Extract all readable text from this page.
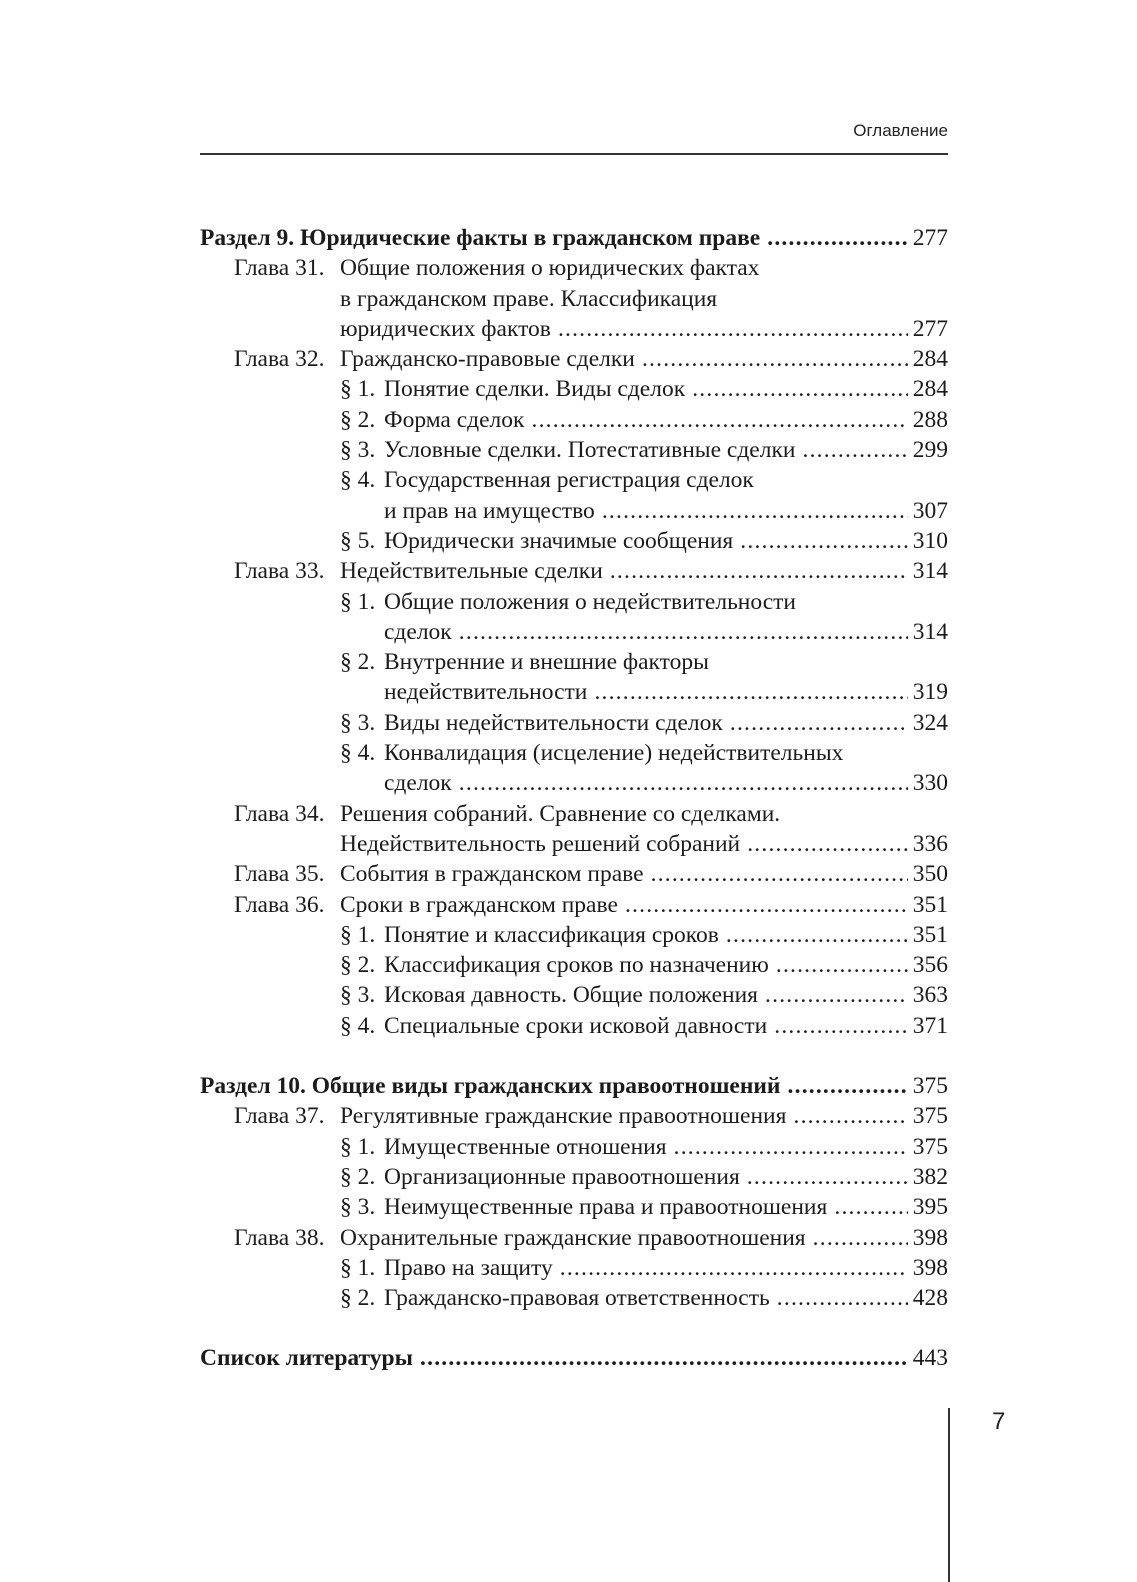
Оглавление
Раздел 9. Юридические факты в гражданском праве .....	277
Глава 31. Общие положения о юридических фактах
в гражданском праве. Классификация
юридических фактов .....	277
Глава 32. Гражданско-правовые сделки .....	284
§ 1. Понятие сделки. Виды сделок .....	284
§ 2. Форма сделок .....	288
§ 3. Условные сделки. Потестативные сделки .....	299
§ 4. Государственная регистрация сделок
и прав на имущество .....	307
§ 5. Юридически значимые сообщения .....	310
Глава 33. Недействительные сделки .....	314
§ 1. Общие положения о недействительности
сделок .....	314
§ 2. Внутренние и внешние факторы
недействительности .....	319
§ 3. Виды недействительности сделок .....	324
§ 4. Конвалидация (исцеление) недействительных
сделок .....	330
Глава 34. Решения собраний. Сравнение со сделками.
Недействительность решений собраний .....	336
Глава 35. События в гражданском праве .....	350
Глава 36. Сроки в гражданском праве .....	351
§ 1. Понятие и классификация сроков .....	351
§ 2. Классификация сроков по назначению .....	356
§ 3. Исковая давность. Общие положения .....	363
§ 4. Специальные сроки исковой давности .....	371
Раздел 10. Общие виды гражданских правоотношений .....	375
Глава 37. Регулятивные гражданские правоотношения .....	375
§ 1. Имущественные отношения .....	375
§ 2. Организационные правоотношения .....	382
§ 3. Неимущественные права и правоотношения .....	395
Глава 38. Охранительные гражданские правоотношения .....	398
§ 1. Право на защиту .....	398
§ 2. Гражданско-правовая ответственность .....	428
Список литературы .....	443
7
